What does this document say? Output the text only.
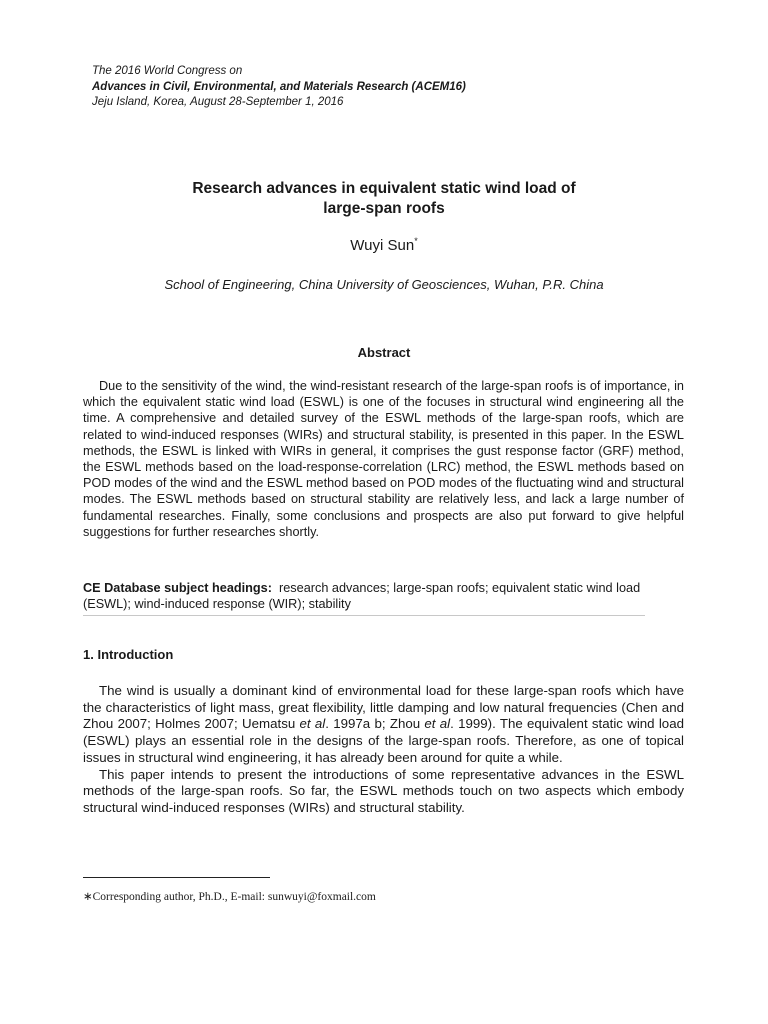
The 2016 World Congress on
Advances in Civil, Environmental, and Materials Research (ACEM16)
Jeju Island, Korea, August 28-September 1, 2016
Research advances in equivalent static wind load of
large-span roofs
Wuyi Sun*
School of Engineering, China University of Geosciences, Wuhan, P.R. China
Abstract
Due to the sensitivity of the wind, the wind-resistant research of the large-span roofs is of importance, in which the equivalent static wind load (ESWL) is one of the focuses in structural wind engineering all the time. A comprehensive and detailed survey of the ESWL methods of the large-span roofs, which are related to wind-induced responses (WIRs) and structural stability, is presented in this paper. In the ESWL methods, the ESWL is linked with WIRs in general, it comprises the gust response factor (GRF) method, the ESWL methods based on the load-response-correlation (LRC) method, the ESWL methods based on POD modes of the wind and the ESWL method based on POD modes of the fluctuating wind and structural modes. The ESWL methods based on structural stability are relatively less, and lack a large number of fundamental researches. Finally, some conclusions and prospects are also put forward to give helpful suggestions for further researches shortly.
CE Database subject headings: research advances; large-span roofs; equivalent static wind load (ESWL); wind-induced response (WIR); stability
1. Introduction

The wind is usually a dominant kind of environmental load for these large-span roofs which have the characteristics of light mass, great flexibility, little damping and low natural frequencies (Chen and Zhou 2007; Holmes 2007; Uematsu et al. 1997a b; Zhou et al. 1999). The equivalent static wind load (ESWL) plays an essential role in the designs of the large-span roofs. Therefore, as one of topical issues in structural wind engineering, it has already been around for quite a while.

This paper intends to present the introductions of some representative advances in the ESWL methods of the large-span roofs. So far, the ESWL methods touch on two aspects which embody structural wind-induced responses (WIRs) and structural stability.

∗Corresponding author, Ph.D., E-mail: sunwuyi@foxmail.com
